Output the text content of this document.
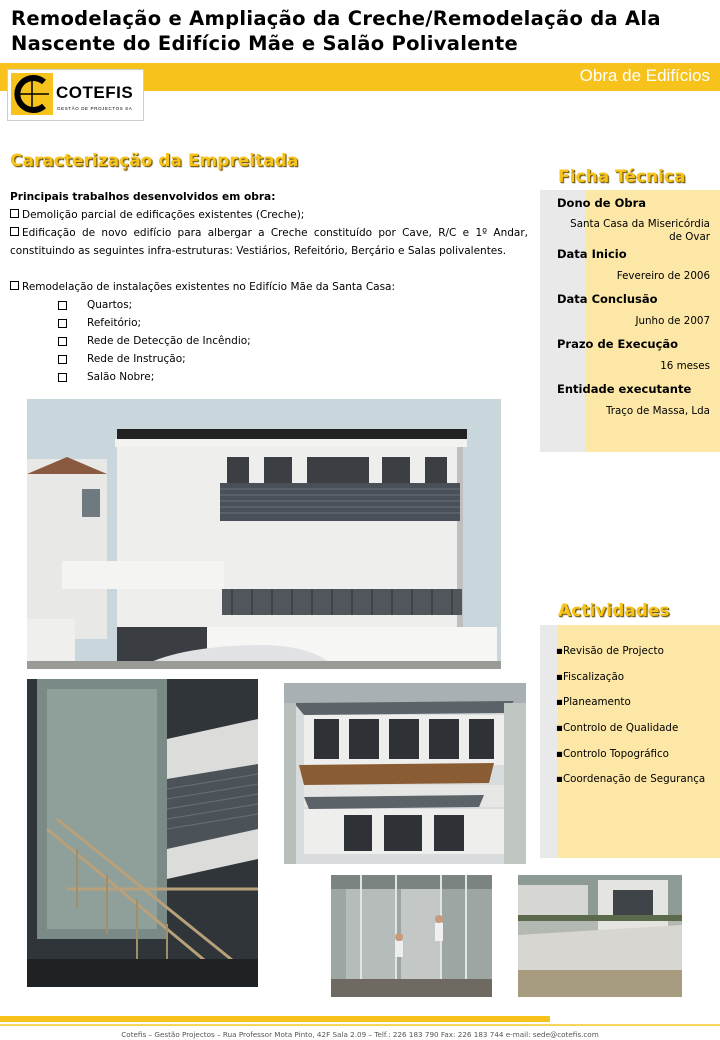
Remodelação e Ampliação da Creche/Remodelação da Ala
Nascente do Edifício Mãe e Salão Polivalente
Obra de Edifícios
COTEFIS
GESTÃO DE PROJECTOS SA
Caracterização da Empreitada
Principais trabalhos desenvolvidos em obra:
Demolição parcial de edificações existentes (Creche);
Edificação de novo edifício para albergar a Creche constituído por Cave, R/C e 1º Andar, constituindo as seguintes infra-estruturas: Vestiários, Refeitório, Berçário e Salas polivalentes.
Remodelação de instalações existentes no Edifício Mãe da Santa Casa:
Quartos;
Refeitório;
Rede de Detecção de Incêndio;
Rede de Instrução;
Salão Nobre;
Ficha Técnica
Dono de Obra
Santa Casa da Misericórdia de Ovar
Data Inicio
Fevereiro de 2006
Data Conclusão
Junho de 2007
Prazo de Execução
16 meses
Entidade executante
Traço de Massa, Lda
Actividades
▪Revisão de Projecto
▪Fiscalização
▪Planeamento
▪Controlo de Qualidade
▪Controlo Topográfico
▪Coordenação de Segurança
Cotefis – Gestão Projectos – Rua Professor Mota Pinto, 42F Sala 2.09 – Telf.: 226 183 790 Fax: 226 183 744 e-mail: sede@cotefis.com
